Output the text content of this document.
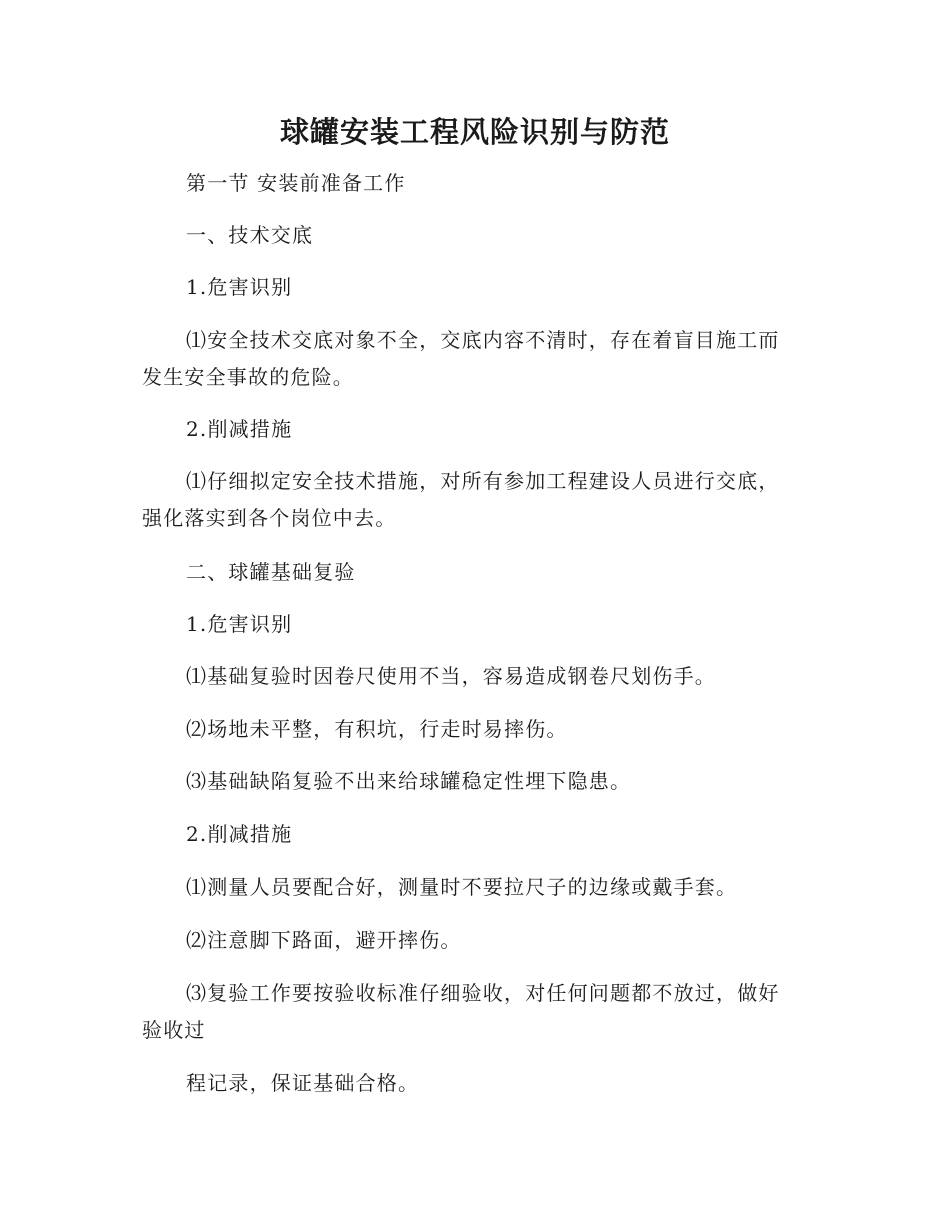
球罐安装工程风险识别与防范
第一节 安装前准备工作
一、技术交底
1.危害识别
⑴安全技术交底对象不全，交底内容不清时，存在着盲目施工而
发生安全事故的危险。
2.削减措施
⑴仔细拟定安全技术措施，对所有参加工程建设人员进行交底，
强化落实到各个岗位中去。
二、球罐基础复验
1.危害识别
⑴基础复验时因卷尺使用不当，容易造成钢卷尺划伤手。
⑵场地未平整，有积坑，行走时易摔伤。
⑶基础缺陷复验不出来给球罐稳定性埋下隐患。
2.削减措施
⑴测量人员要配合好，测量时不要拉尺子的边缘或戴手套。
⑵注意脚下路面，避开摔伤。
⑶复验工作要按验收标准仔细验收，对任何问题都不放过，做好
验收过
程记录，保证基础合格。
